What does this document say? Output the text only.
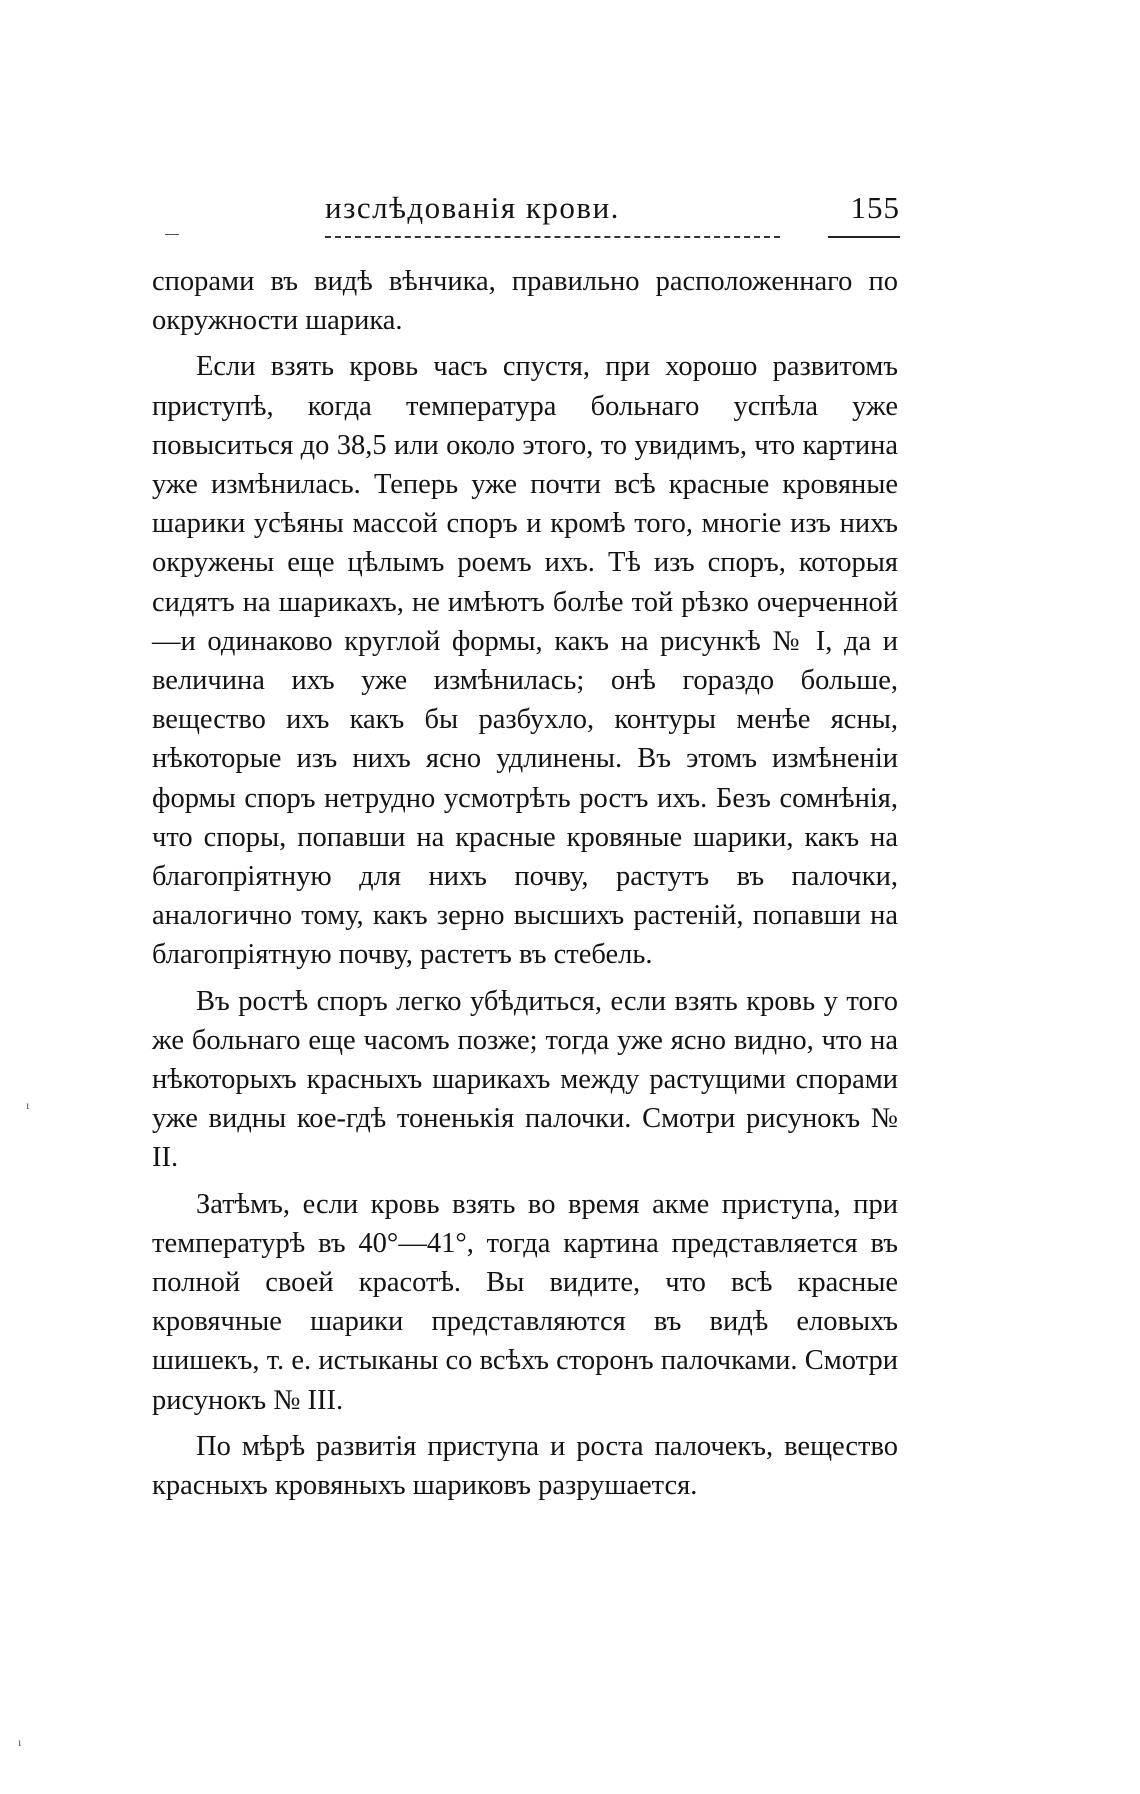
изслѣдованія крови.	155

спорами въ видѣ вѣнчика, правильно расположеннаго по окружности шарика.

Если взять кровь часъ спустя, при хорошо развитомъ приступѣ, когда температура больнаго успѣла уже повыситься до 38,5 или около этого, то увидимъ, что картина уже измѣнилась. Теперь уже почти всѣ красные кровяные шарики усѣяны массой споръ и кромѣ того, многіе изъ нихъ окружены еще цѣлымъ роемъ ихъ. Тѣ изъ споръ, которыя сидятъ на шарикахъ, не имѣютъ болѣе той рѣзко очерченной—и одинаково круглой формы, какъ на рисункѣ № I, да и величина ихъ уже измѣнилась; онѣ гораздо больше, вещество ихъ какъ бы разбухло, контуры менѣе ясны, нѣкоторые изъ нихъ ясно удлинены. Въ этомъ измѣненіи формы споръ нетрудно усмотрѣть ростъ ихъ. Безъ сомнѣнія, что споры, попавши на красные кровяные шарики, какъ на благопріятную для нихъ почву, растутъ въ палочки, аналогично тому, какъ зерно высшихъ растеній, попавши на благопріятную почву, растетъ въ стебель.

Въ ростѣ споръ легко убѣдиться, если взять кровь у того же больнаго еще часомъ позже; тогда уже ясно видно, что на нѣкоторыхъ красныхъ шарикахъ между растущими спорами уже видны кое-гдѣ тоненькія палочки. Смотри рисунокъ № II.

Затѣмъ, если кровь взять во время акме приступа, при температурѣ въ 40°—41°, тогда картина представляется въ полной своей красотѣ. Вы видите, что всѣ красные кровячные шарики представляются въ видѣ еловыхъ шишекъ, т. е. истыканы со всѣхъ сторонъ палочками. Смотри рисунокъ № III.

По мѣрѣ развитія приступа и роста палочекъ, вещество красныхъ кровяныхъ шариковъ разрушается.

ı
ı
